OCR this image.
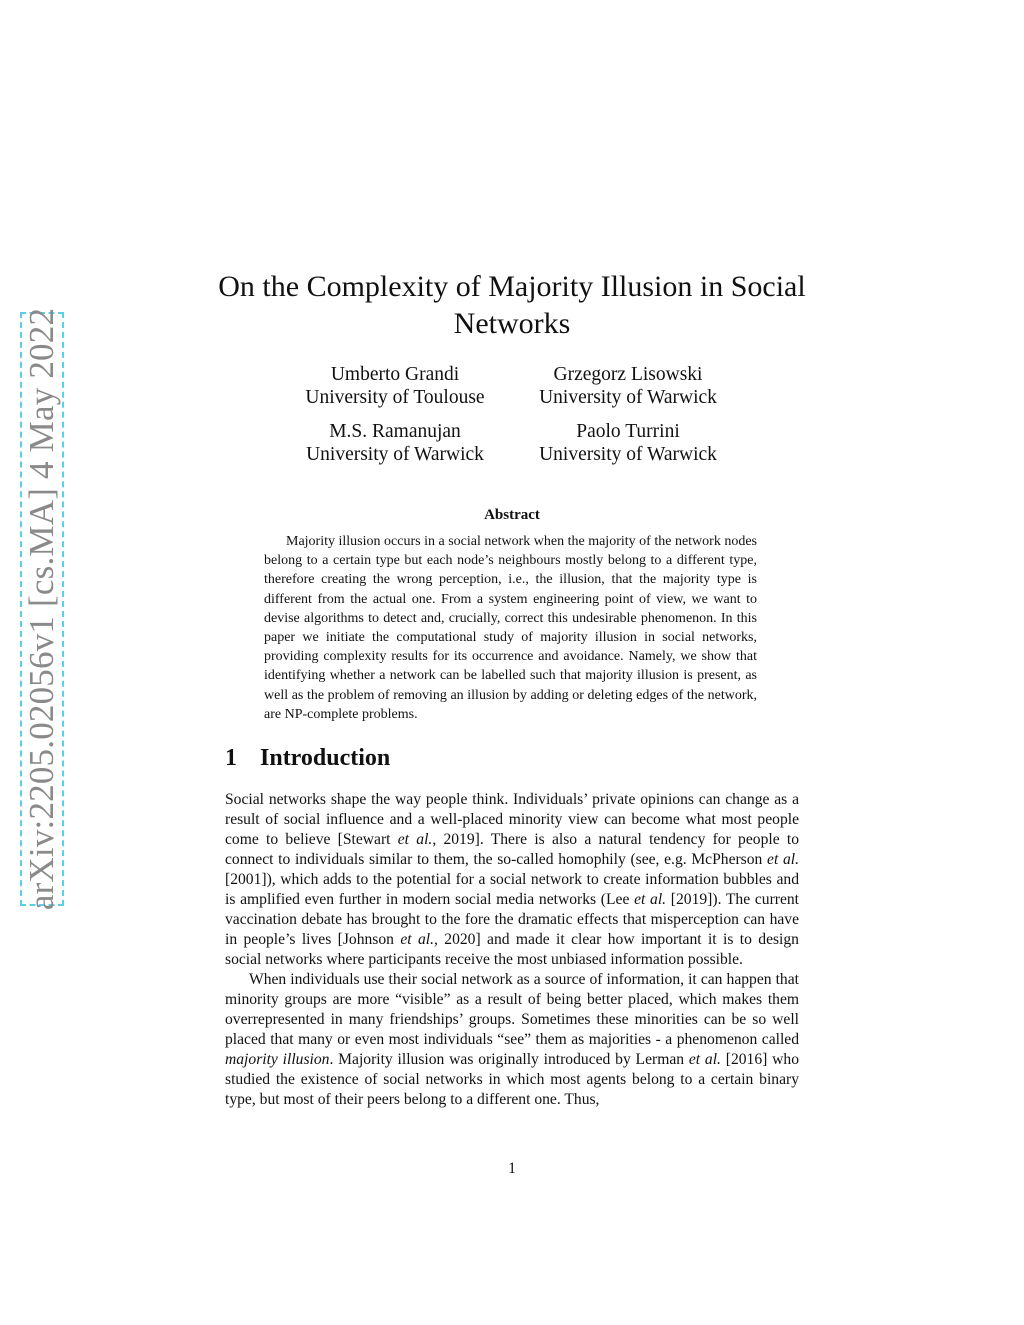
arXiv:2205.02056v1 [cs.MA] 4 May 2022
On the Complexity of Majority Illusion in Social Networks
Umberto Grandi
University of Toulouse
Grzegorz Lisowski
University of Warwick
M.S. Ramanujan
University of Warwick
Paolo Turrini
University of Warwick
Abstract
Majority illusion occurs in a social network when the majority of the network nodes belong to a certain type but each node’s neighbours mostly belong to a different type, therefore creating the wrong perception, i.e., the illusion, that the majority type is different from the actual one. From a system engineering point of view, we want to devise algorithms to detect and, crucially, correct this undesirable phenomenon. In this paper we initiate the computational study of majority illusion in social networks, providing complexity results for its occurrence and avoidance. Namely, we show that identifying whether a network can be labelled such that majority illusion is present, as well as the problem of removing an illusion by adding or deleting edges of the network, are NP-complete problems.
1 Introduction

Social networks shape the way people think. Individuals’ private opinions can change as a result of social influence and a well-placed minority view can become what most people come to believe [Stewart et al., 2019]. There is also a natural tendency for people to connect to individuals similar to them, the so-called homophily (see, e.g. McPherson et al. [2001]), which adds to the potential for a social network to create information bubbles and is amplified even further in modern social media networks (Lee et al. [2019]). The current vaccination debate has brought to the fore the dramatic effects that misperception can have in people’s lives [Johnson et al., 2020] and made it clear how important it is to design social networks where participants receive the most unbiased information possible.

When individuals use their social network as a source of information, it can happen that minority groups are more “visible” as a result of being better placed, which makes them overrepresented in many friendships’ groups. Sometimes these minorities can be so well placed that many or even most individuals “see” them as majorities - a phenomenon called majority illusion. Majority illusion was originally introduced by Lerman et al. [2016] who studied the existence of social networks in which most agents belong to a certain binary type, but most of their peers belong to a different one. Thus,

1
